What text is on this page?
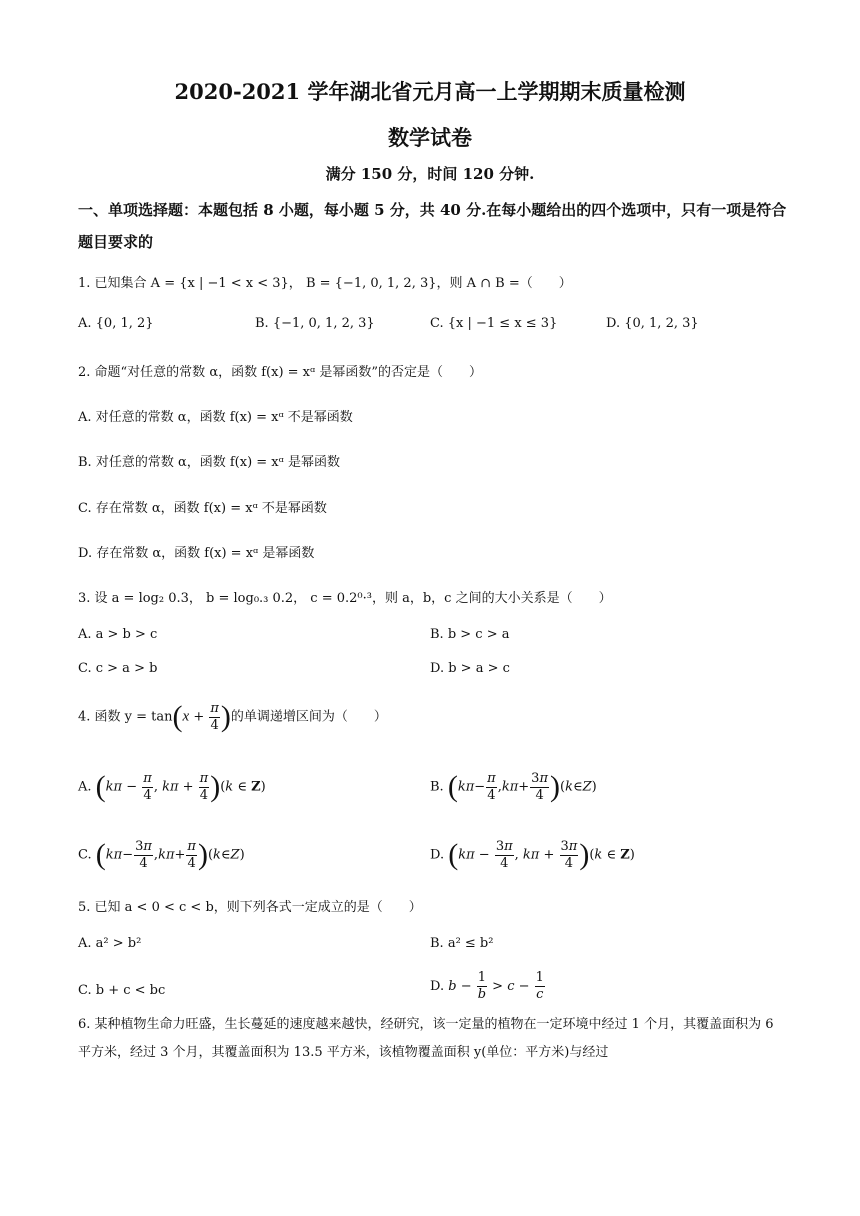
2020-2021 学年湖北省元月高一上学期期末质量检测
数学试卷
满分 150 分，时间 120 分钟.
一、单项选择题：本题包括 8 小题，每小题 5 分，共 40 分.在每小题给出的四个选项中，只有一项是符合题目要求的
1. 已知集合 A = {x | −1 < x < 3}， B = {−1, 0, 1, 2, 3}，则 A ∩ B =（　　）
A. {0, 1, 2}	B. {−1, 0, 1, 2, 3}	C. {x | −1 ≤ x ≤ 3}	D. {0, 1, 2, 3}
2. 命题“对任意的常数 α，函数 f(x) = xᵅ 是幂函数”的否定是（　　）
A. 对任意的常数 α，函数 f(x) = xᵅ 不是幂函数
B. 对任意的常数 α，函数 f(x) = xᵅ 是幂函数
C. 存在常数 α，函数 f(x) = xᵅ 不是幂函数
D. 存在常数 α，函数 f(x) = xᵅ 是幂函数
3. 设 a = log₂ 0.3， b = log₀.₃ 0.2， c = 0.2⁰·³，则 a，b，c 之间的大小关系是（　　）
A. a > b > c	B. b > c > a
C. c > a > b	D. b > a > c
4. 函数 $y = \tan(x + \frac{\pi}{4}$ )的单调递增区间为（　　）
A. ($k\pi - \frac{\pi}{4}$ , $k\pi + \frac{\pi}{4} )(k$ ∈ Z)	B. ($k\pi- \frac{\pi}{4} ,k\pi+ \frac{3\pi}{4}$ )(k∈Z)
C. ($k\pi- \frac{3\pi}{4} ,k\pi+ \frac{\pi}{4}$ )(k∈Z)	D. ($k\pi - \frac{3\pi}{4}$ , $k\pi + \frac{3\pi}{4} )(k$ ∈ Z)
5. 已知 a < 0 < c < b，则下列各式一定成立的是（　　）
A. a² > b²	B. a² ≤ b²
C. b + c < bc	D. $b - \frac{1}{b} > c - \frac{1}{c}$
6. 某种植物生命力旺盛，生长蔓延的速度越来越快，经研究，该一定量的植物在一定环境中经过 1 个月，其覆盖面积为 6 平方米，经过 3 个月，其覆盖面积为 13.5 平方米，该植物覆盖面积 y(单位：平方米)与经过
